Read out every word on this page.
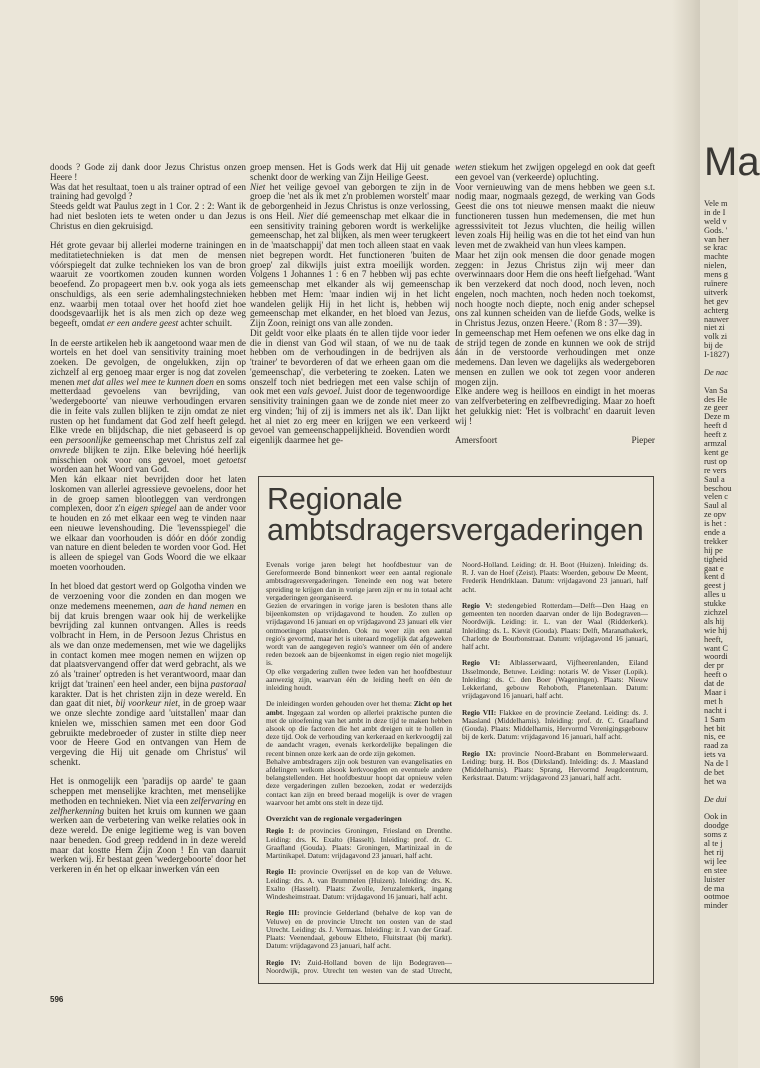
doods ? Gode zij dank door Jezus Christus onzen Heere !

Was dat het resultaat, toen u als trainer optrad of een training had gevolgd ?

Steeds geldt wat Paulus zegt in 1 Cor. 2 : 2: Want ik had niet besloten iets te weten onder u dan Jezus Christus en dien gekruisigd.

Hét grote gevaar bij allerlei moderne trainingen en meditatietechnieken is dat men de mensen vóórspiegelt dat zulke technieken los van de bron waaruit ze voortkomen zouden kunnen worden beoefend. Zo propageert men b.v. ook yoga als iets onschuldigs, als een serie ademhalingstechnieken enz. waarbij men totaal over het hoofd ziet hoe doodsgevaarlijk het is als men zich op deze weg begeeft, omdat er een andere geest achter schuilt.

In de eerste artikelen heb ik aangetoond waar men de wortels en het doel van sensitivity training moet zoeken. De gevolgen, de ongelukken, zijn op zichzelf al erg genoeg maar erger is nog dat zovelen menen met dat alles wel mee te kunnen doen en soms metterdaad gevoelens van bevrijding, van 'wedergeboorte' van nieuwe verhoudingen ervaren die in feite vals zullen blijken te zijn omdat ze niet rusten op het fundament dat God zelf heeft gelegd. Elke vrede en blijdschap, die niet gebaseerd is op een persoonlijke gemeenschap met Christus zelf zal onvrede blijken te zijn. Elke beleving hóé heerlijk misschien ook voor ons gevoel, moet getoetst worden aan het Woord van God.

Men kán elkaar niet bevrijden door het laten loskomen van allerlei agressieve gevoelens, door het in de groep samen blootleggen van verdrongen complexen, door z'n eigen spiegel aan de ander voor te houden en zó met elkaar een weg te vinden naar een nieuwe levenshouding. Die 'levensspiegel' die we elkaar dan voorhouden is dóór en dóór zondig van nature en dient beleden te worden voor God. Het is alleen de spiegel van Gods Woord die we elkaar moeten voorhouden.

In het bloed dat gestort werd op Golgotha vinden we de verzoening voor die zonden en dan mogen we onze medemens meenemen, aan de hand nemen en bij dat kruis brengen waar ook hij de werkelijke bevrijding zal kunnen ontvangen. Alles is reeds volbracht in Hem, in de Persoon Jezus Christus en als we dan onze medemensen, met wie we dagelijks in contact komen mee mogen nemen en wijzen op dat plaatsvervangend offer dat werd gebracht, als we zó als 'trainer' optreden is het verantwoord, maar dan krijgt dat 'trainen' een heel ander, een bijna pastoraal karakter. Dat is het christen zijn in deze wereld. En dan gaat dit niet, bij voorkeur niet, in de groep waar we onze slechte zondige aard 'uitstallen' maar dan knielen we, misschien samen met een door God gebruikte medebroeder of zuster in stilte diep neer voor de Heere God en ontvangen van Hem de vergeving die Hij uit genade om Christus' wil schenkt.

Het is onmogelijk een 'paradijs op aarde' te gaan scheppen met menselijke krachten, met menselijke methoden en technieken. Niet via een zelfervaring en zelfherkenning buiten het kruis om kunnen we gaan werken aan de verbetering van welke relaties ook in deze wereld. De enige legitieme weg is van boven naar beneden. God greep reddend in in deze wereld maar dat kostte Hem Zijn Zoon ! En van daaruit werken wij. Er bestaat geen 'wedergeboorte' door het verkeren in én het op elkaar inwerken ván een

groep mensen. Het is Gods werk dat Hij uit genade schenkt door de werking van Zijn Heilige Geest.

Niet het veilige gevoel van geborgen te zijn in de groep die 'net als ik met z'n problemen worstelt' maar de geborgenheid in Jezus Christus is onze verlossing, is ons Heil. Niet díé gemeenschap met elkaar die in een sensitivity training geboren wordt is werkelijke gemeenschap, het zal blijken, als men weer terugkeert in de 'maatschappij' dat men toch alleen staat en vaak niet begrepen wordt. Het functioneren 'buiten de groep' zal dikwijls juist extra moeilijk worden. Volgens 1 Johannes 1 : 6 en 7 hebben wij pas echte gemeenschap met elkander als wij gemeenschap hebben met Hem: 'maar indien wij in het licht wandelen gelijk Hij in het licht is, hebben wij gemeenschap met elkander, en het bloed van Jezus, Zijn Zoon, reinigt ons van alle zonden.

Dit geldt voor elke plaats én te allen tijde voor ieder die in dienst van God wil staan, of we nu de taak hebben om de verhoudingen in de bedrijven als 'trainer' te bevorderen of dat we erheen gaan om die 'gemeenschap', die verbetering te zoeken. Laten we onszelf toch niet bedriegen met een valse schijn of ook met een vals gevoel. Juist door de tegenwoordige sensitivity trainingen gaan we de zonde niet meer zo erg vinden; 'hij of zij is immers net als ik'. Dan lijkt het al niet zo erg meer en krijgen we een verkeerd gevoel van gemeenschappelijkheid. Bovendien wordt eigenlijk daarmee het ge-

weten stiekum het zwijgen opgelegd en ook dat geeft een gevoel van (verkeerde) opluchting.

Voor vernieuwing van de mens hebben we geen s.t. nodig maar, nogmaals gezegd, de werking van Gods Geest die ons tot nieuwe mensen maakt die nieuw functioneren tussen hun medemensen, die met hun agresssiviteit tot Jezus vluchten, die heilig willen leven zoals Hij heilig was en die tot het eind van hun leven met de zwakheid van hun vlees kampen.

Maar het zijn ook mensen die door genade mogen zeggen: in Jezus Christus zijn wij meer dan overwinnaars door Hem die ons heeft liefgehad. 'Want ik ben verzekerd dat noch dood, noch leven, noch engelen, noch machten, noch heden noch toekomst, noch hoogte noch diepte, noch enig ander schepsel ons zal kunnen scheiden van de liefde Gods, welke is in Christus Jezus, onzen Heere.' (Rom 8 : 37—39).

In gemeenschap met Hem oefenen we ons elke dag in de strijd tegen de zonde en kunnen we ook de strijd áán in de verstoorde verhoudingen met onze medemens. Dan leven we dagelijks als wedergeboren mensen en zullen we ook tot zegen voor anderen mogen zijn.

Elke andere weg is heilloos en eindigt in het moeras van zelfverbetering en zelfbevrediging. Maar zo hoeft het gelukkig niet: 'Het is volbracht' en daaruit leven wij !

Amersfoort	Pieper
Regionale
ambtsdragersvergaderingen

Evenals vorige jaren belegt het hoofdbestuur van de Gereformeerde Bond binnenkort weer een aantal regionale ambtsdragersvergaderingen. Teneinde een nog wat betere spreiding te krijgen dan in vorige jaren zijn er nu in totaal acht vergaderingen georganiseerd.

Gezien de ervaringen in vorige jaren is besloten thans alle bijeenkomsten op vrijdagavond te houden. Zo zullen op vrijdagavond 16 januari en op vrijdagavond 23 januari elk vier ontmoetingen plaatsvinden. Ook nu weer zijn een aantal regio's gevormd, maar het is uiteraard mogelijk dat afgeweken wordt van de aangegeven regio's wanneer om één of andere reden bezoek aan de bijeenkomst in eigen regio niet mogelijk is.

Op elke vergadering zullen twee leden van het hoofdbestuur aanwezig zijn, waarvan één de leiding heeft en één de inleiding houdt.

De inleidingen worden gehouden over het thema: Zicht op het ambt. Ingegaan zal worden op allerlei praktische punten die met de uitoefening van het ambt in deze tijd te maken hebben alsook op die factoren die het ambt dreigen uit te hollen in deze tijd. Ook de verhouding van kerkeraad en kerkvoogdij zal de aandacht vragen, evenals kerkordelijke bepalingen die recent binnen onze kerk aan de orde zijn gekomen.

Behalve ambtsdragers zijn ook besturen van evangelisaties en afdelingen welkom alsook kerkvoogden en eventuele andere belangstellenden. Het hoofdbestuur hoopt dat opnieuw velen deze vergaderingen zullen bezoeken, zodat er wederzijds contact kan zijn en breed beraad mogelijk is over de vragen waarvoor het ambt ons stelt in deze tijd.

Overzicht van de regionale vergaderingen

Regio I: de provincies Groningen, Friesland en Drenthe. Leiding: drs. K. Exalto (Hasselt). Inleiding: prof. dr. C. Graafland (Gouda). Plaats: Groningen, Martinizaal in de Martinikapel. Datum: vrijdagavond 23 januari, half acht.

Regio II: provincie Overijssel en de kop van de Veluwe. Leiding: drs. A. van Brummelen (Huizen). Inleiding: drs. K. Exalto (Hasselt). Plaats: Zwolle, Jeruzalemkerk, ingang Windesheimstraat. Datum: vrijdagavond 16 januari, half acht.

Regio III: provincie Gelderland (behalve de kop van de Veluwe) en de provincie Utrecht ten oosten van de stad Utrecht. Leiding: ds. J. Vermaas. Inleiding: ir. J. van der Graaf. Plaats: Veenendaal, gebouw Eltheto, Fluitstraat (bij markt). Datum: vrijdagavond 23 januari, half acht.

Regio IV: Zuid-Holland boven de lijn Bodegraven—Noordwijk, prov. Utrecht ten westen van de stad Utrecht, Noord-Holland. Leiding: dr. H. Boot (Huizen). Inleiding: ds. R. J. van de Hoef (Zeist). Plaats: Woerden, gebouw De Meent, Frederik Hendriklaan. Datum: vrijdagavond 23 januari, half acht.

Regio V: stedengebied Rotterdam—Delft—Den Haag en gemeenten ten noorden daarvan onder de lijn Bodegraven—Noordwijk. Leiding: ir. L. van der Waal (Ridderkerk). Inleiding: ds. L. Kievit (Gouda). Plaats: Delft, Maranathakerk, Charlotte de Bourbonstraat. Datum: vrijdagavond 16 januari, half acht.

Regio VI: Alblasserwaard, Vijfheerenlanden, Eiland IJsselmonde, Betuwe. Leiding: notaris W. de Visser (Lopik). Inleiding: ds. C. den Boer (Wageningen). Plaats: Nieuw Lekkerland, gebouw Rehoboth, Planetenlaan. Datum: vrijdagavond 16 januari, half acht.

Regio VII: Flakkee en de provincie Zeeland. Leiding: ds. J. Maasland (Middelharnis). Inleiding: prof. dr. C. Graafland (Gouda). Plaats: Middelharnis, Hervormd Verenigingsgebouw bij de kerk. Datum: vrijdagavond 16 januari, half acht.

Regio IX: provincie Noord-Brabant en Bommelerwaard. Leiding: burg. H. Bos (Dirksland). Inleiding: ds. J. Maasland (Middelharnis). Plaats: Sprang, Hervormd Jeugdcentrum, Kerkstraat. Datum: vrijdagavond 23 januari, half acht.

596
Ma
Vele m
in de I
weld v
Gods. '
van her
se krac
machte
nielen,
mens g
ruïnere
uitverk
het gev
achterg
nauwer
niet zi
volk zi
bij de
I-1827)
De nac
Van Sa
des He
ze geer
Deze m
heeft d
heeft z
armzal
kent ge
rust op
re vers
Saul a
beschou
velen c
Saul al
ze opv
is het :
ende a
trekker
hij pe
tigheid
gaat e
kent d
geest j
alles u
stukke
zichzel
als hij
wie hij
heeft,
want C
woordi
der pr
heeft o
dat de
Maar i
met h
nacht i
1 Sam
het bit
nis, ee
raad za
iets va
Na de l
de bet
het wa
De dui
Ook in
doodge
soms z
al te j
het rij
wij lee
en stee
luister
de ma
ootmoe
minder
